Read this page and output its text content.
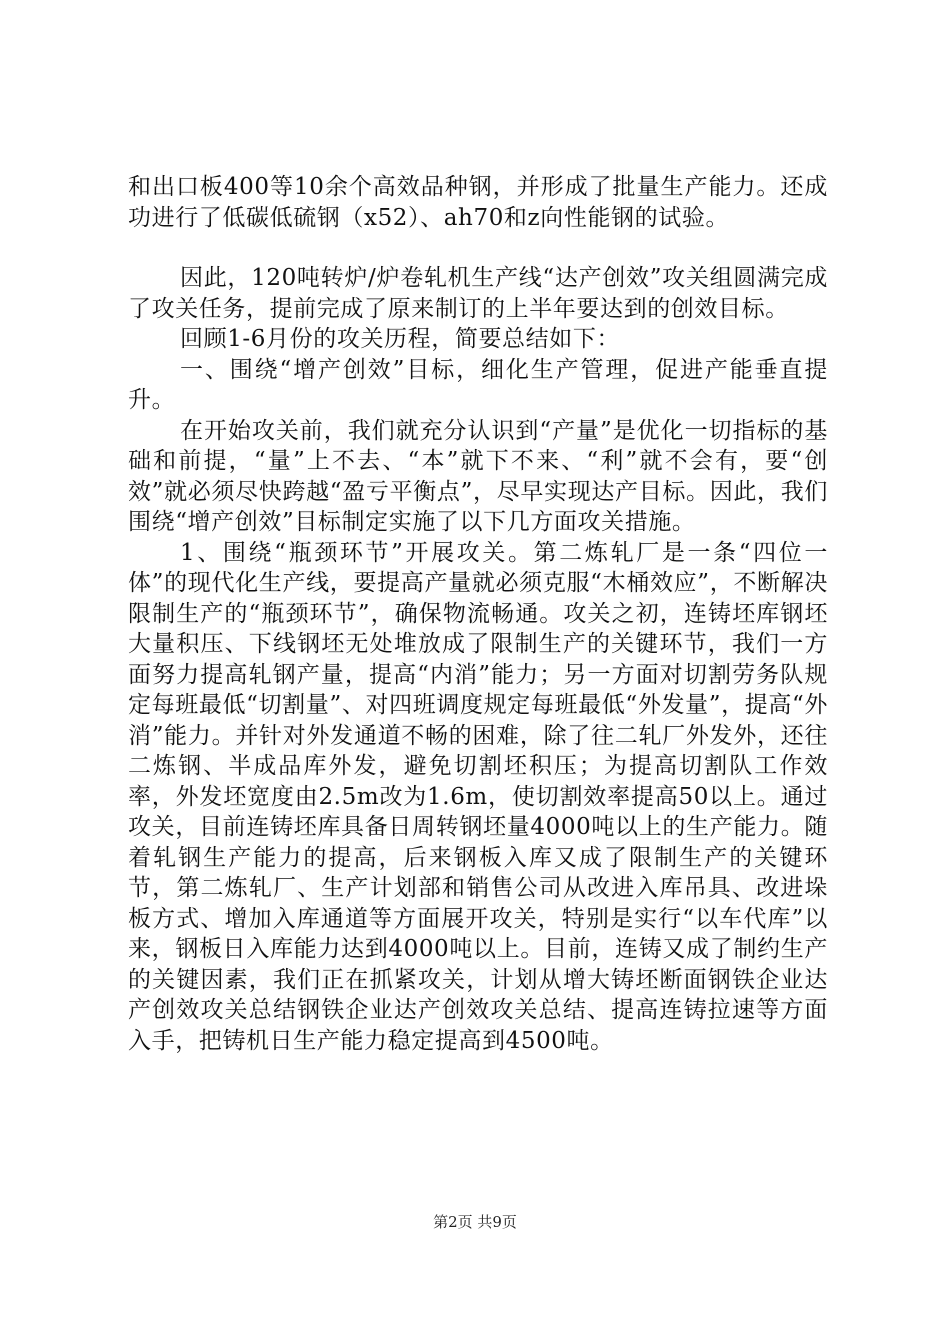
和出口板400等10余个高效品种钢，并形成了批量生产能力。还成功进行了低碳低硫钢（x52）、ah70和z向性能钢的试验。

因此，120吨转炉/炉卷轧机生产线“达产创效”攻关组圆满完成了攻关任务，提前完成了原来制订的上半年要达到的创效目标。

回顾1-6月份的攻关历程，简要总结如下：

一、围绕“增产创效”目标，细化生产管理，促进产能垂直提升。

在开始攻关前，我们就充分认识到“产量”是优化一切指标的基础和前提，“量”上不去、“本”就下不来、“利”就不会有，要“创效”就必须尽快跨越“盈亏平衡点”，尽早实现达产目标。因此，我们围绕“增产创效”目标制定实施了以下几方面攻关措施。

1、围绕“瓶颈环节”开展攻关。第二炼轧厂是一条“四位一体”的现代化生产线，要提高产量就必须克服“木桶效应”，不断解决限制生产的“瓶颈环节”，确保物流畅通。攻关之初，连铸坯库钢坯大量积压、下线钢坯无处堆放成了限制生产的关键环节，我们一方面努力提高轧钢产量，提高“内消”能力；另一方面对切割劳务队规定每班最低“切割量”、对四班调度规定每班最低“外发量”，提高“外消”能力。并针对外发通道不畅的困难，除了往二轧厂外发外，还往二炼钢、半成品库外发，避免切割坯积压；为提高切割队工作效率，外发坯宽度由2.5m改为1.6m，使切割效率提高50以上。通过攻关，目前连铸坯库具备日周转钢坯量4000吨以上的生产能力。随着轧钢生产能力的提高，后来钢板入库又成了限制生产的关键环节，第二炼轧厂、生产计划部和销售公司从改进入库吊具、改进垛板方式、增加入库通道等方面展开攻关，特别是实行“以车代库”以来，钢板日入库能力达到4000吨以上。目前，连铸又成了制约生产的关键因素，我们正在抓紧攻关，计划从增大铸坯断面钢铁企业达产创效攻关总结钢铁企业达产创效攻关总结、提高连铸拉速等方面入手，把铸机日生产能力稳定提高到4500吨。

第2页 共9页
